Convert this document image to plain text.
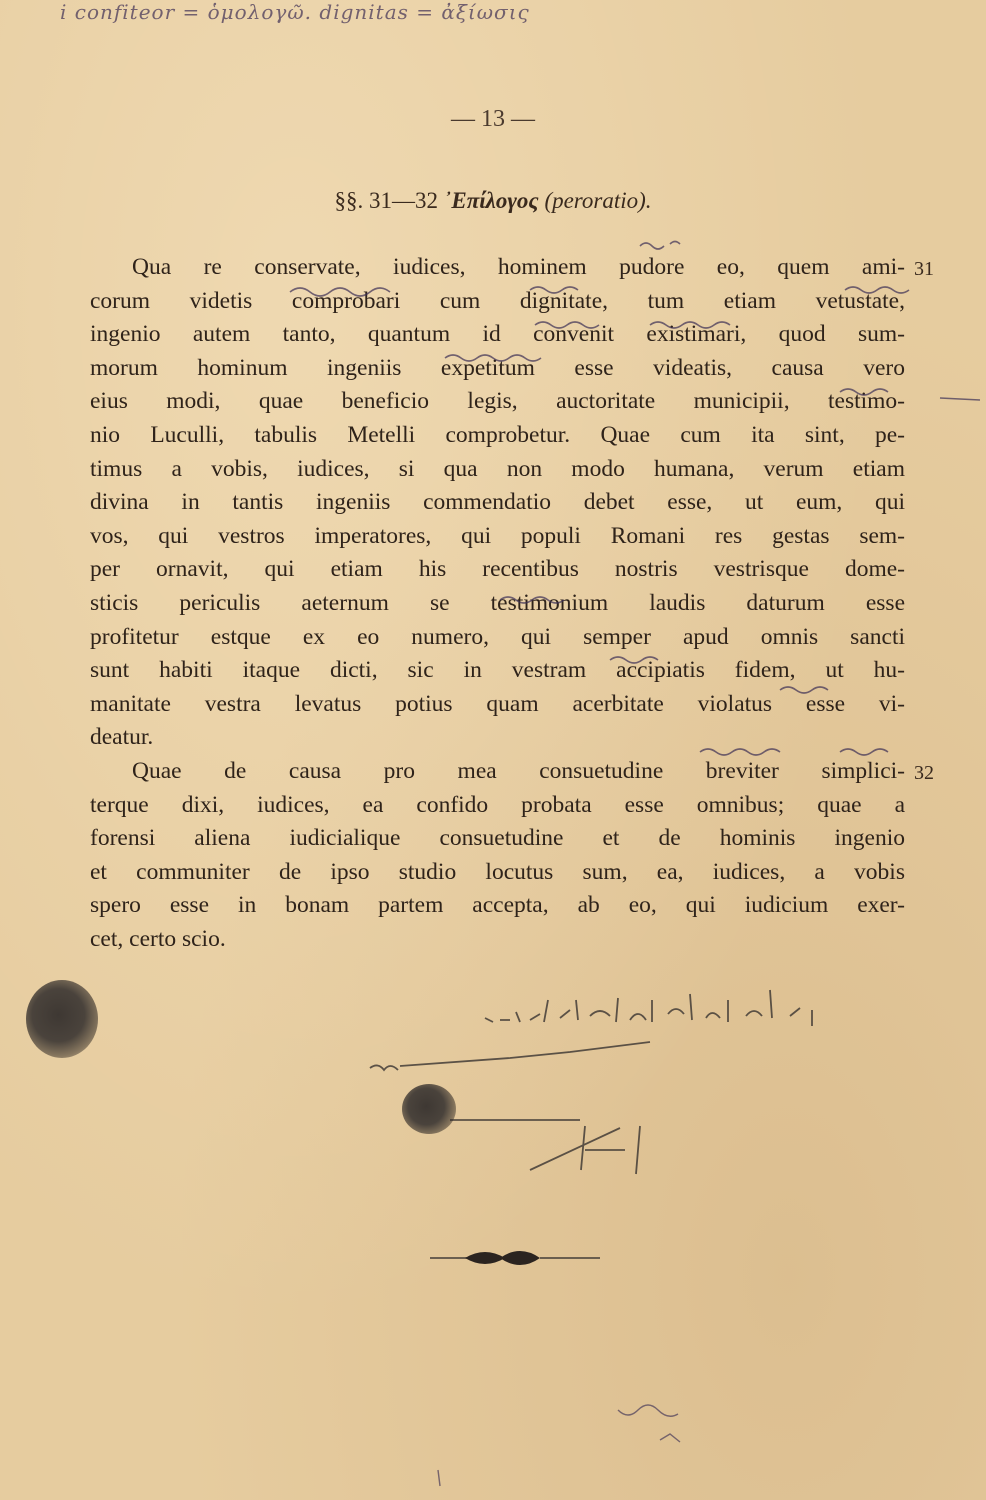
i confiteor = ὁμολογῶ. dignitas = ἀξίωσις
— 13 —
§§. 31—32 ᾿Επίλογος (peroratio).
31
32
Qua re conservate, iudices, hominem pudore eo, quem ami-
corum videtis comprobari cum dignitate, tum etiam vetustate,
ingenio autem tanto, quantum id convenit existimari, quod sum-
morum hominum ingeniis expetitum esse videatis, causa vero
eius modi, quae beneficio legis, auctoritate municipii, testimo-
nio Luculli, tabulis Metelli comprobetur. Quae cum ita sint, pe-
timus a vobis, iudices, si qua non modo humana, verum etiam
divina in tantis ingeniis commendatio debet esse, ut eum, qui
vos, qui vestros imperatores, qui populi Romani res gestas sem-
per ornavit, qui etiam his recentibus nostris vestrisque dome-
sticis periculis aeternum se testimonium laudis daturum esse
profitetur estque ex eo numero, qui semper apud omnis sancti
sunt habiti itaque dicti, sic in vestram accipiatis fidem, ut hu-
manitate vestra levatus potius quam acerbitate violatus esse vi-
deatur.
Quae de causa pro mea consuetudine breviter simplici-
terque dixi, iudices, ea confido probata esse omnibus; quae a
forensi aliena iudicialique consuetudine et de hominis ingenio
et communiter de ipso studio locutus sum, ea, iudices, a vobis
spero esse in bonam partem accepta, ab eo, qui iudicium exer-
cet, certo scio.
